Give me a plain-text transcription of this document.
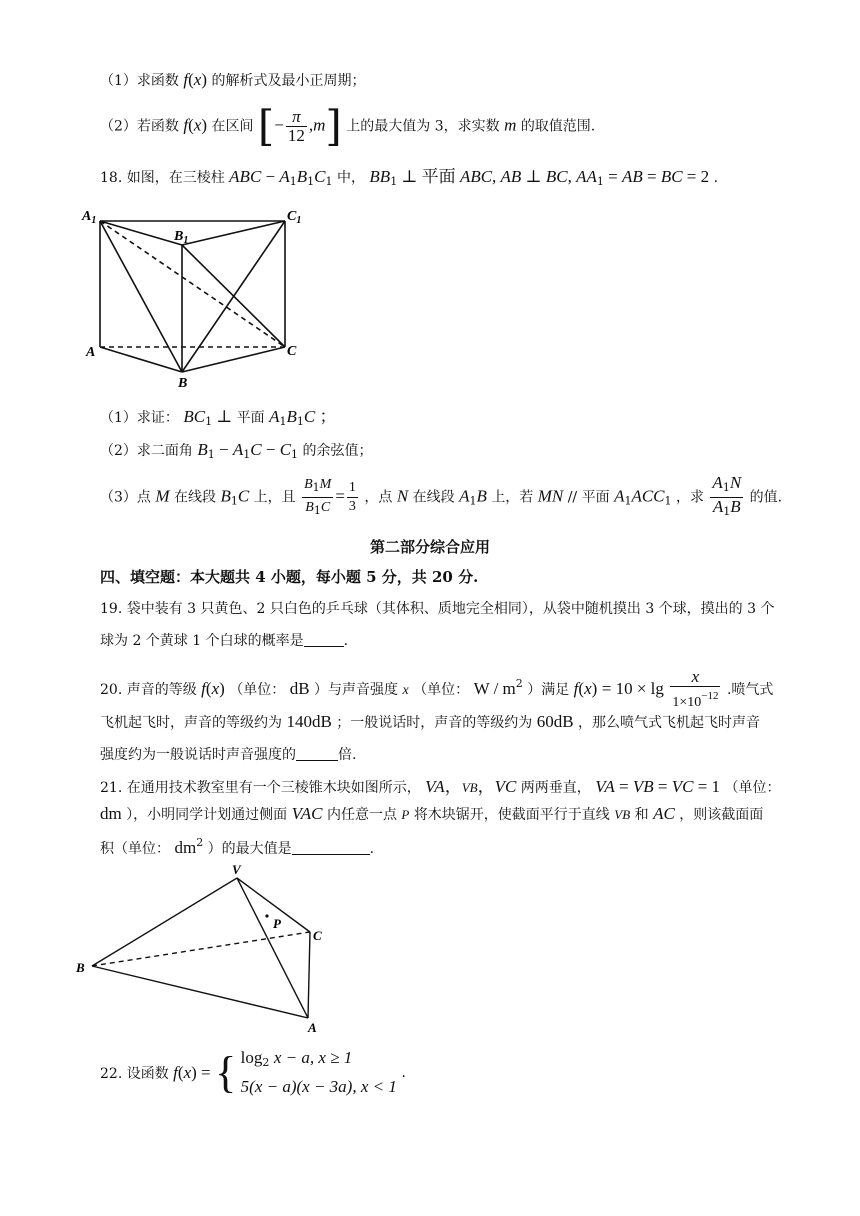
（1）求函数 f(x) 的解析式及最小正周期；
（2）若函数 f(x) 在区间 [− $\frac{\pi}{12} ,m$] 上的最大值为 3，求实数 m 的取值范围.
18. 如图，在三棱柱 ABC − $A_1B_1C_1$ 中， $BB_1$ ⊥ 平面 ABC, AB ⊥ BC, $AA_1$ = AB = BC = 2 .
$A_1$
$B_1$
$C_1$
A
B
C
（1）求证： $BC_1$ ⊥ 平面 $A_1B_1C$ ；
（2）求二面角 $B_1 - A_1C - C_1$ 的余弦值；
（3）点 M 在线段 $B_1C$ 上，且 $\frac{B_1M}{B_1C} = \frac{1}{3}$ ，点 N 在线段 $A_1B$ 上，若 MN // 平面 $A_1ACC_1$ ，求 $\frac{A_1N}{A_1B}$ 的值.
第二部分综合应用
四、填空题：本大题共 4 小题，每小题 5 分，共 20 分.
19. 袋中装有 3 只黄色、2 只白色的乒乓球（其体积、质地完全相同），从袋中随机摸出 3 个球，摸出的 3 个
球为 2 个黄球 1 个白球的概率是	.
20. 声音的等级 f(x) （单位： dB ）与声音强度 x （单位： W / $m^2$ ）满足 $f(x) = 10 \times \lg \frac{x}{1\times 10^{-12}}$ .喷气式
飞机起飞时，声音的等级约为 140dB ；一般说话时，声音的等级约为 60dB ，那么喷气式飞机起飞时声音
强度约为一般说话时声音强度的	倍.
21. 在通用技术教室里有一个三棱锥木块如图所示， VA，VB，VC 两两垂直， VA = VB = VC = 1 （单位：
dm ），小明同学计划通过侧面 VAC 内任意一点 P 将木块锯开，使截面平行于直线 VB 和 AC ，则该截面面
积（单位： $dm^2$ ）的最大值是	.
V
P
C
B
A
22. 设函数 f(x) = { $\log_2 x - a$, x ≥ 1
5(x − a)(x − 3a), x < 1
.
